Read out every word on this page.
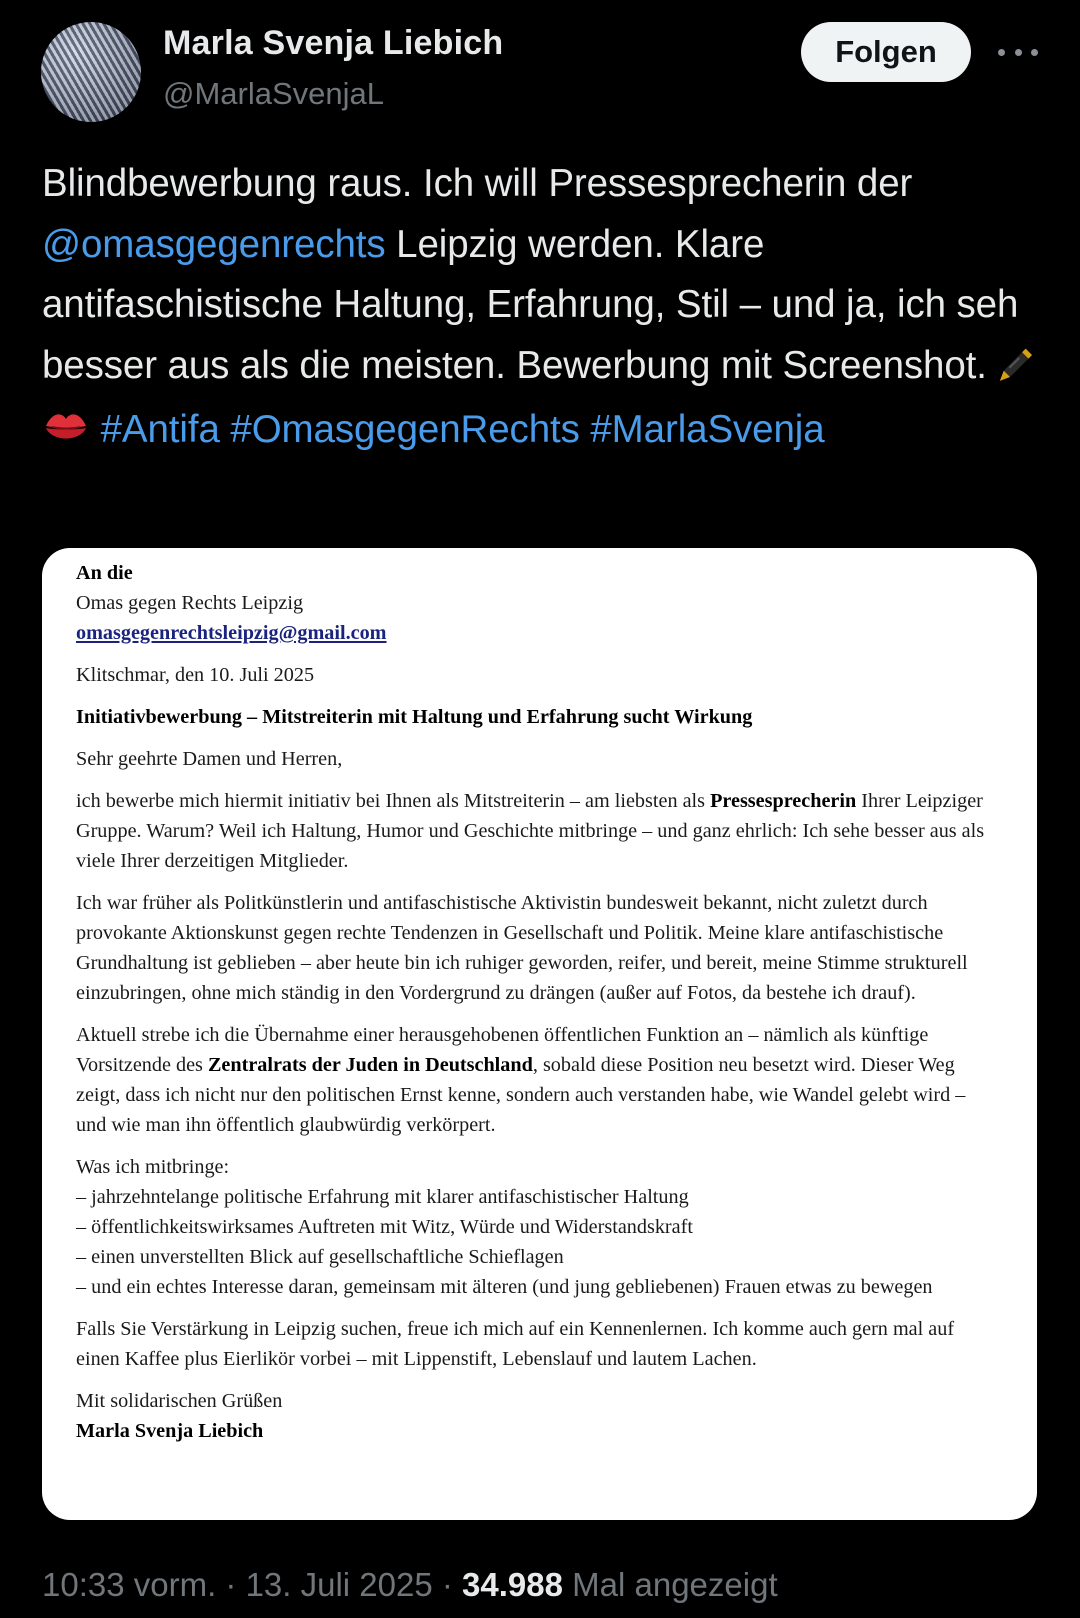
Marla Svenja Liebich
@MarlaSvenjaL
Folgen
Blindbewerbung raus. Ich will Pressesprecherin der @omasgegenrechts Leipzig werden. Klare antifaschistische Haltung, Erfahrung, Stil – und ja, ich seh besser aus als die meisten. Bewerbung mit Screenshot.   #Antifa #OmasgegenRechts #MarlaSvenja

An die

Omas gegen Rechts Leipzig

omasgegenrechtsleipzig@gmail.com

Klitschmar, den 10. Juli 2025

Initiativbewerbung – Mitstreiterin mit Haltung und Erfahrung sucht Wirkung

Sehr geehrte Damen und Herren,

ich bewerbe mich hiermit initiativ bei Ihnen als Mitstreiterin – am liebsten als Pressesprecherin Ihrer Leipziger Gruppe. Warum? Weil ich Haltung, Humor und Geschichte mitbringe – und ganz ehrlich: Ich sehe besser aus als viele Ihrer derzeitigen Mitglieder.

Ich war früher als Politkünstlerin und antifaschistische Aktivistin bundesweit bekannt, nicht zuletzt durch provokante Aktionskunst gegen rechte Tendenzen in Gesellschaft und Politik. Meine klare antifaschistische Grundhaltung ist geblieben – aber heute bin ich ruhiger geworden, reifer, und bereit, meine Stimme strukturell einzubringen, ohne mich ständig in den Vordergrund zu drängen (außer auf Fotos, da bestehe ich drauf).

Aktuell strebe ich die Übernahme einer herausgehobenen öffentlichen Funktion an – nämlich als künftige Vorsitzende des Zentralrats der Juden in Deutschland, sobald diese Position neu besetzt wird. Dieser Weg zeigt, dass ich nicht nur den politischen Ernst kenne, sondern auch verstanden habe, wie Wandel gelebt wird – und wie man ihn öffentlich glaubwürdig verkörpert.

Was ich mitbringe:

– jahrzehntelange politische Erfahrung mit klarer antifaschistischer Haltung

– öffentlichkeitswirksames Auftreten mit Witz, Würde und Widerstandskraft

– einen unverstellten Blick auf gesellschaftliche Schieflagen

– und ein echtes Interesse daran, gemeinsam mit älteren (und jung gebliebenen) Frauen etwas zu bewegen

Falls Sie Verstärkung in Leipzig suchen, freue ich mich auf ein Kennenlernen. Ich komme auch gern mal auf einen Kaffee plus Eierlikör vorbei – mit Lippenstift, Lebenslauf und lautem Lachen.

Mit solidarischen Grüßen

Marla Svenja Liebich

10:33 vorm. · 13. Juli 2025 · 34.988 Mal angezeigt
